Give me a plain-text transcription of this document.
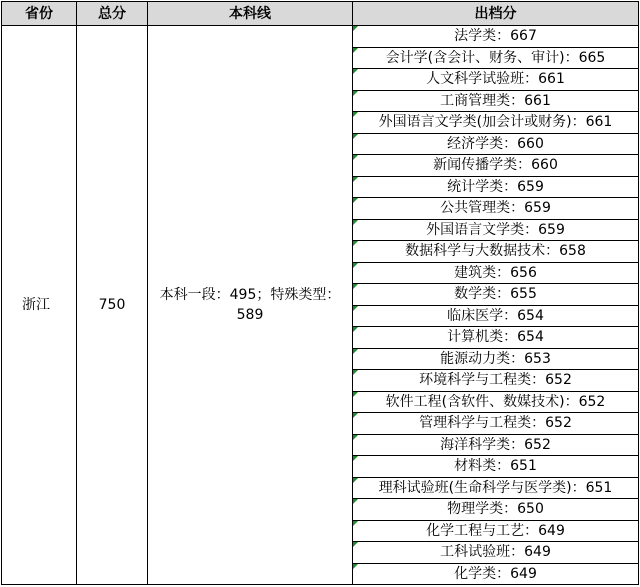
省份	总分	本科线	出档分
浙江	750	本科一段：495；特殊类型：589	法学类：667

会计学(含会计、财务、审计)：665

人文科学试验班：661

工商管理类：661

外国语言文学类(加会计或财务)：661

经济学类：660

新闻传播学类：660

统计学类：659

公共管理类：659

外国语言文学类：659

数据科学与大数据技术：658

建筑类：656

数学类：655

临床医学：654

计算机类：654

能源动力类：653

环境科学与工程类：652

软件工程(含软件、数媒技术)：652

管理科学与工程类：652

海洋科学类：652

材料类：651

理科试验班(生命科学与医学类)：651

物理学类：650

化学工程与工艺：649

工科试验班：649

化学类：649
